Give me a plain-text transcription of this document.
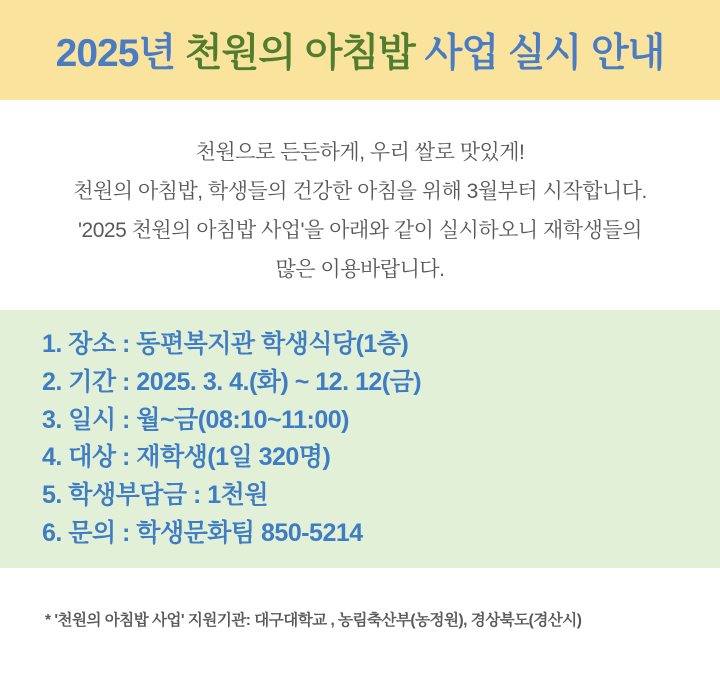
2025년 천원의 아침밥 사업 실시 안내

천원으로 든든하게, 우리 쌀로 맛있게!

천원의 아침밥, 학생들의 건강한 아침을 위해 3월부터 시작합니다.

'2025 천원의 아침밥 사업'을 아래와 같이 실시하오니 재학생들의

많은 이용바랍니다.

1. 장소 : 동편복지관 학생식당(1층)
2. 기간 : 2025. 3. 4.(화) ~ 12. 12(금)
3. 일시 : 월~금(08:10~11:00)
4. 대상 : 재학생(1일 320명)
5. 학생부담금 : 1천원
6. 문의 : 학생문화팀 850-5214
* '천원의 아침밥 사업' 지원기관: 대구대학교 , 농림축산부(농정원), 경상북도(경산시)
